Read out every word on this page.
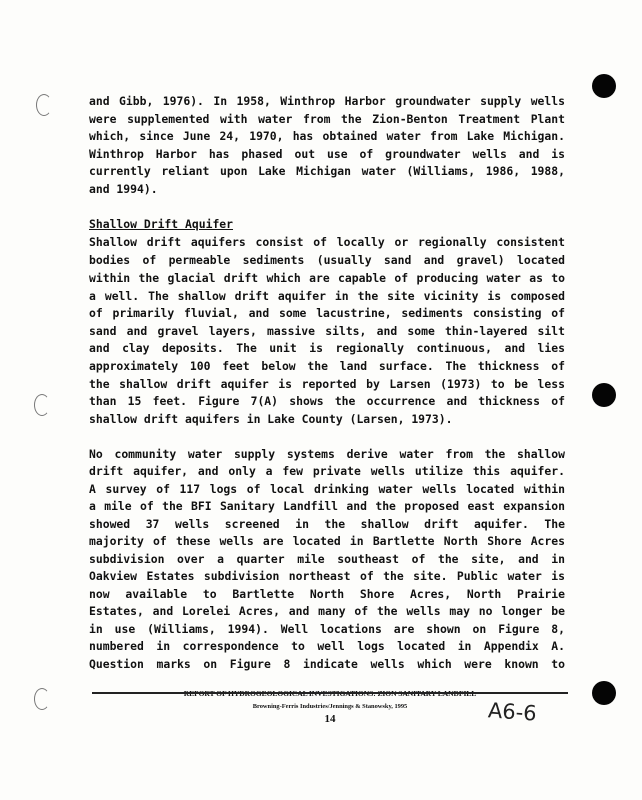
and Gibb, 1976). In 1958, Winthrop Harbor groundwater supply wells
were supplemented with water from the Zion-Benton Treatment Plant
which, since June 24, 1970, has obtained water from Lake Michigan.
Winthrop Harbor has phased out use of groundwater wells and is
currently reliant upon Lake Michigan water (Williams, 1986, 1988,
and 1994).
Shallow Drift Aquifer
Shallow drift aquifers consist of locally or regionally consistent
bodies of permeable sediments (usually sand and gravel) located
within the glacial drift which are capable of producing water as to
a well. The shallow drift aquifer in the site vicinity is composed
of primarily fluvial, and some lacustrine, sediments consisting of
sand and gravel layers, massive silts, and some thin-layered silt
and clay deposits. The unit is regionally continuous, and lies
approximately 100 feet below the land surface. The thickness of
the shallow drift aquifer is reported by Larsen (1973) to be less
than 15 feet. Figure 7(A) shows the occurrence and thickness of
shallow drift aquifers in Lake County (Larsen, 1973).
No community water supply systems derive water from the shallow
drift aquifer, and only a few private wells utilize this aquifer.
A survey of 117 logs of local drinking water wells located within
a mile of the BFI Sanitary Landfill and the proposed east expansion
showed 37 wells screened in the shallow drift aquifer. The
majority of these wells are located in Bartlette North Shore Acres
subdivision over a quarter mile southeast of the site, and in
Oakview Estates subdivision northeast of the site. Public water is
now available to Bartlette North Shore Acres, North Prairie
Estates, and Lorelei Acres, and many of the wells may no longer be
in use (Williams, 1994). Well locations are shown on Figure 8,
numbered in correspondence to well logs located in Appendix A.
Question marks on Figure 8 indicate wells which were known to
REPORT OF HYDROGEOLOGICAL INVESTIGATIONS: ZION SANITARY LANDFILL
Browning-Ferris Industries/Jennings & Stanowsky, 1995
14	A6-6
